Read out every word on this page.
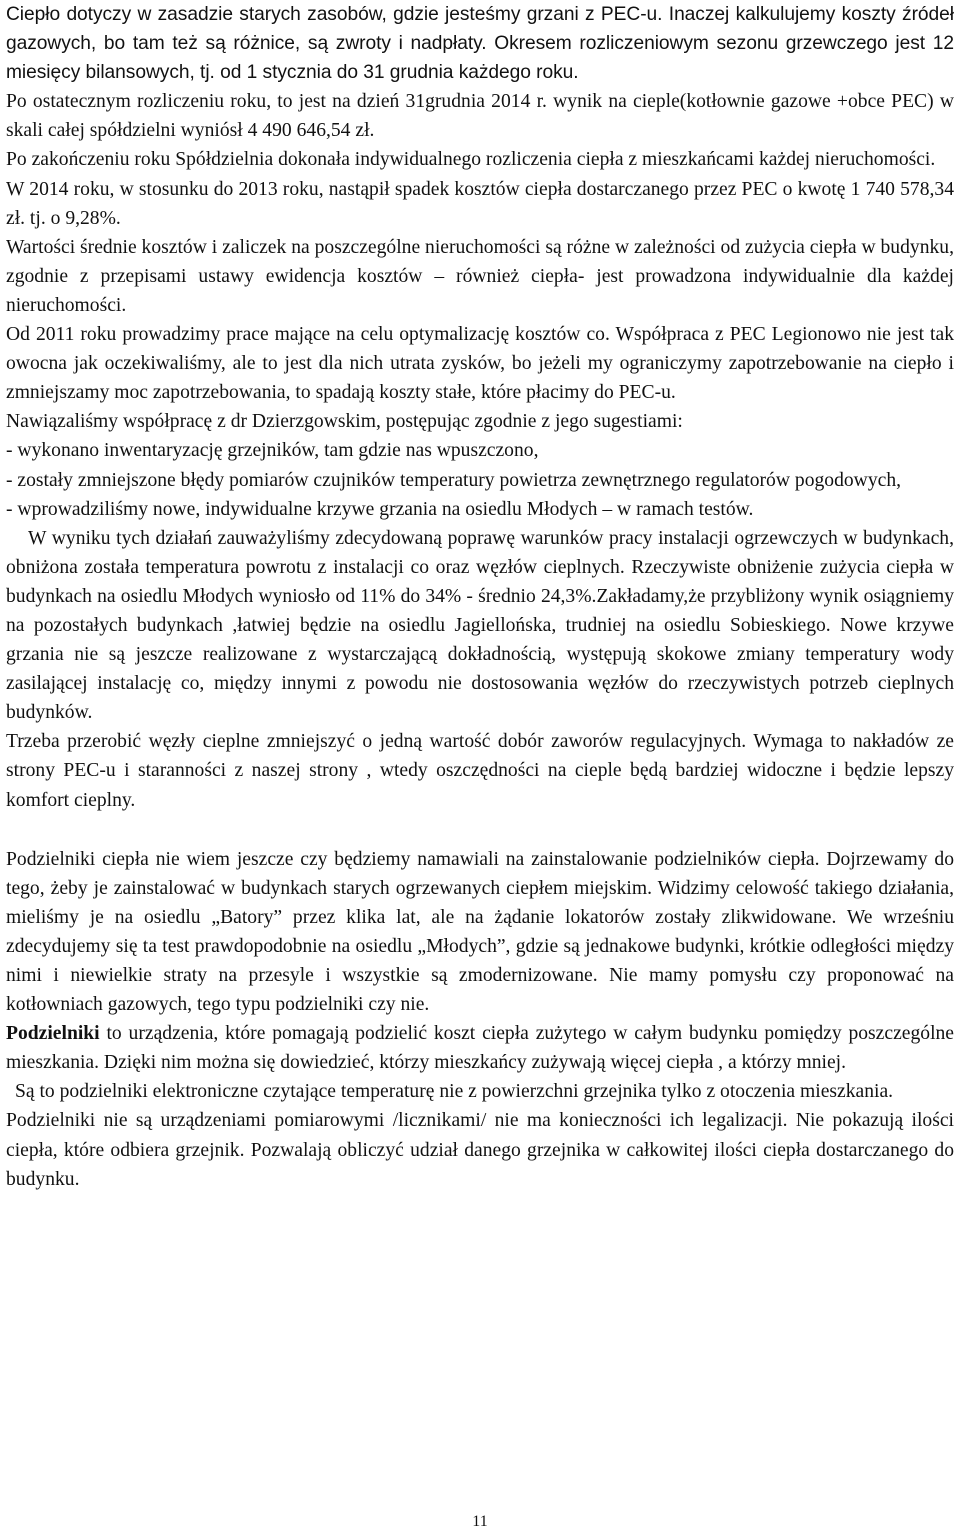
Ciepło dotyczy w zasadzie starych zasobów, gdzie jesteśmy grzani z PEC-u. Inaczej kalkulujemy koszty źródeł gazowych, bo tam też są różnice, są zwroty i nadpłaty. Okresem rozliczeniowym sezonu grzewczego jest 12 miesięcy bilansowych, tj. od 1 stycznia do 31 grudnia każdego roku.

Po ostatecznym rozliczeniu roku, to jest na dzień 31grudnia 2014 r. wynik na cieple(kotłownie gazowe +obce PEC) w skali całej spółdzielni wyniósł 4 490 646,54 zł.

Po zakończeniu roku Spółdzielnia dokonała indywidualnego rozliczenia ciepła z mieszkańcami każdej nieruchomości.

W 2014 roku, w stosunku do 2013 roku, nastąpił spadek kosztów ciepła dostarczanego przez PEC o kwotę 1 740 578,34 zł. tj. o 9,28%.

Wartości średnie kosztów i zaliczek na poszczególne nieruchomości są różne w zależności od zużycia ciepła w budynku, zgodnie z przepisami ustawy ewidencja kosztów – również ciepła- jest prowadzona indywidualnie dla każdej nieruchomości.

Od 2011 roku prowadzimy prace mające na celu optymalizację kosztów co. Współpraca z PEC Legionowo nie jest tak owocna jak oczekiwaliśmy, ale to jest dla nich utrata zysków, bo jeżeli my ograniczymy zapotrzebowanie na ciepło i zmniejszamy moc zapotrzebowania, to spadają koszty stałe, które płacimy do PEC-u.

Nawiązaliśmy współpracę z dr Dzierzgowskim, postępując zgodnie z jego sugestiami:

- wykonano inwentaryzację grzejników, tam gdzie nas wpuszczono,

- zostały zmniejszone błędy pomiarów czujników temperatury powietrza zewnętrznego regulatorów pogodowych,

- wprowadziliśmy nowe, indywidualne krzywe grzania na osiedlu Młodych – w ramach testów.

W wyniku tych działań zauważyliśmy zdecydowaną poprawę warunków pracy instalacji ogrzewczych w budynkach, obniżona została temperatura powrotu z instalacji co oraz węzłów cieplnych. Rzeczywiste obniżenie zużycia ciepła w budynkach na osiedlu Młodych wyniosło od 11% do 34% - średnio 24,3%.Zakładamy,że przybliżony wynik osiągniemy na pozostałych budynkach ,łatwiej będzie na osiedlu Jagiellońska, trudniej na osiedlu Sobieskiego. Nowe krzywe grzania nie są jeszcze realizowane z wystarczającą dokładnością, występują skokowe zmiany temperatury wody zasilającej instalację co, między innymi z powodu nie dostosowania węzłów do rzeczywistych potrzeb cieplnych budynków.

Trzeba przerobić węzły cieplne zmniejszyć o jedną wartość dobór zaworów regulacyjnych. Wymaga to nakładów ze strony PEC-u i staranności z naszej strony , wtedy oszczędności na cieple będą bardziej widoczne i będzie lepszy komfort cieplny.

Podzielniki ciepła nie wiem jeszcze czy będziemy namawiali na zainstalowanie podzielników ciepła. Dojrzewamy do tego, żeby je zainstalować w budynkach starych ogrzewanych ciepłem miejskim. Widzimy celowość takiego działania, mieliśmy je na osiedlu „Batory” przez klika lat, ale na żądanie lokatorów zostały zlikwidowane. We wrześniu zdecydujemy się ta test prawdopodobnie na osiedlu „Młodych”, gdzie są jednakowe budynki, krótkie odległości między nimi i niewielkie straty na przesyle i wszystkie są zmodernizowane. Nie mamy pomysłu czy proponować na kotłowniach gazowych, tego typu podzielniki czy nie.

Podzielniki to urządzenia, które pomagają podzielić koszt ciepła zużytego w całym budynku pomiędzy poszczególne mieszkania. Dzięki nim można się dowiedzieć, którzy mieszkańcy zużywają więcej ciepła , a którzy mniej.

Są to podzielniki elektroniczne czytające temperaturę nie z powierzchni grzejnika tylko z otoczenia mieszkania.

Podzielniki nie są urządzeniami pomiarowymi /licznikami/ nie ma konieczności ich legalizacji. Nie pokazują ilości ciepła, które odbiera grzejnik. Pozwalają obliczyć udział danego grzejnika w całkowitej ilości ciepła dostarczanego do budynku.

11
